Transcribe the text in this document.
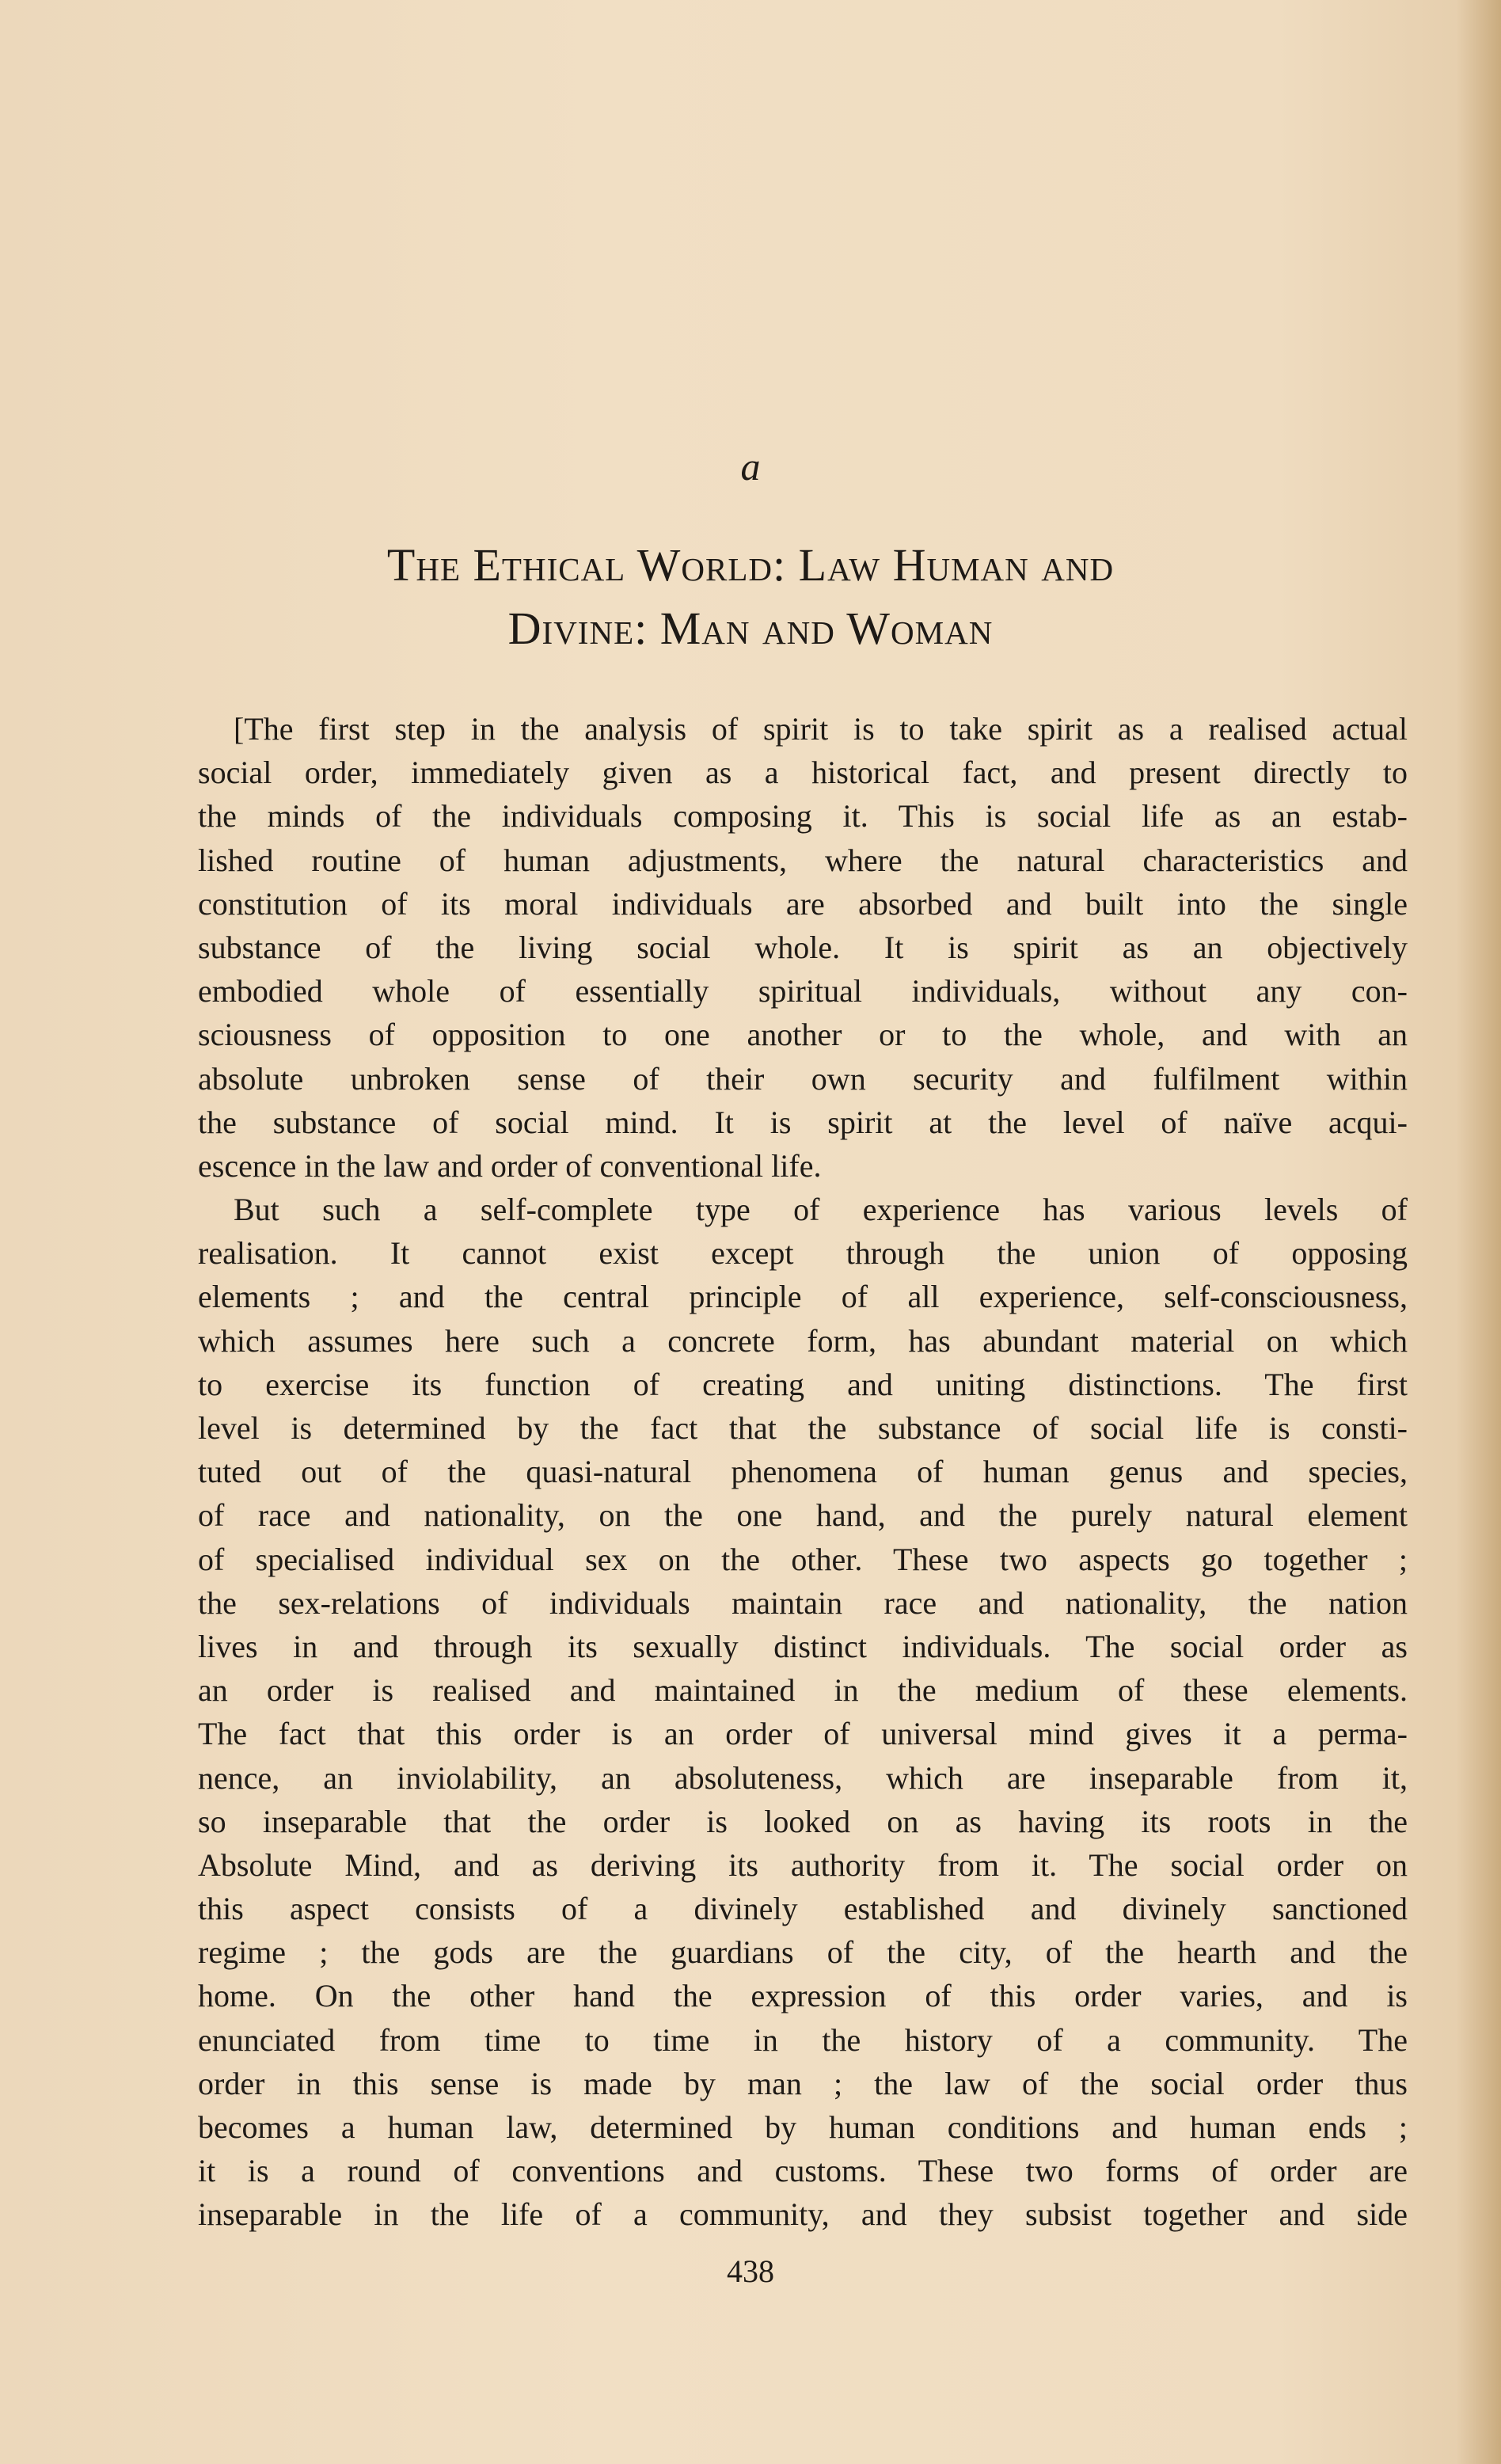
a
The Ethical World: Law Human and
Divine: Man and Woman
[The first step in the analysis of spirit is to take spirit as a realised actual
social order, immediately given as a historical fact, and present directly to
the minds of the individuals composing it. This is social life as an estab-
lished routine of human adjustments, where the natural characteristics and
constitution of its moral individuals are absorbed and built into the single
substance of the living social whole. It is spirit as an objectively
embodied whole of essentially spiritual individuals, without any con-
sciousness of opposition to one another or to the whole, and with an
absolute unbroken sense of their own security and fulfilment within
the substance of social mind. It is spirit at the level of naïve acqui-
escence in the law and order of conventional life.
But such a self-complete type of experience has various levels of
realisation. It cannot exist except through the union of opposing
elements ; and the central principle of all experience, self-consciousness,
which assumes here such a concrete form, has abundant material on which
to exercise its function of creating and uniting distinctions. The first
level is determined by the fact that the substance of social life is consti-
tuted out of the quasi-natural phenomena of human genus and species,
of race and nationality, on the one hand, and the purely natural element
of specialised individual sex on the other. These two aspects go together ;
the sex-relations of individuals maintain race and nationality, the nation
lives in and through its sexually distinct individuals. The social order as
an order is realised and maintained in the medium of these elements.
The fact that this order is an order of universal mind gives it a perma-
nence, an inviolability, an absoluteness, which are inseparable from it,
so inseparable that the order is looked on as having its roots in the
Absolute Mind, and as deriving its authority from it. The social order on
this aspect consists of a divinely established and divinely sanctioned
regime ; the gods are the guardians of the city, of the hearth and the
home. On the other hand the expression of this order varies, and is
enunciated from time to time in the history of a community. The
order in this sense is made by man ; the law of the social order thus
becomes a human law, determined by human conditions and human ends ;
it is a round of conventions and customs. These two forms of order are
inseparable in the life of a community, and they subsist together and side
438
